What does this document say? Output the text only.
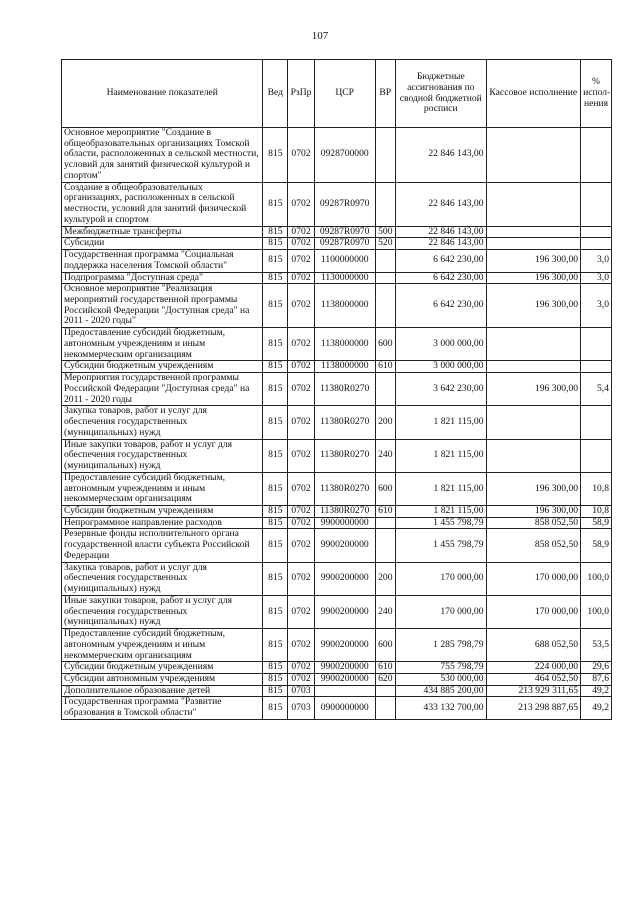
107
Наименование показателей	Вед	РзПр	ЦСР	ВР	Бюджетные ассигнования по сводной бюджетной росписи	Кассовое исполнение	% испол-нения
Основное мероприятие "Создание в общеобразовательных организациях Томской области, расположенных в сельской местности, условий для занятий физической культурой и спортом"	815	0702	0928700000		22 846 143,00		
Создание в общеобразовательных организациях, расположенных в сельской местности, условий для занятий физической культурой и спортом	815	0702	09287R0970		22 846 143,00		
Межбюджетные трансферты	815	0702	09287R0970	500	22 846 143,00		
Субсидии	815	0702	09287R0970	520	22 846 143,00		
Государственная программа "Социальная поддержка населения Томской области"	815	0702	1100000000		6 642 230,00	196 300,00	3,0
Подпрограмма "Доступная среда"	815	0702	1130000000		6 642 230,00	196 300,00	3,0
Основное мероприятие "Реализация мероприятий государственной программы Российской Федерации "Доступная среда" на 2011 - 2020 годы"	815	0702	1138000000		6 642 230,00	196 300,00	3,0
Предоставление субсидий бюджетным, автономным учреждениям и иным некоммерческим организациям	815	0702	1138000000	600	3 000 000,00		
Субсидии бюджетным учреждениям	815	0702	1138000000	610	3 000 000,00		
Мероприятия государственной программы Российской Федерации "Доступная среда" на 2011 - 2020 годы	815	0702	11380R0270		3 642 230,00	196 300,00	5,4
Закупка товаров, работ и услуг для обеспечения государственных (муниципальных) нужд	815	0702	11380R0270	200	1 821 115,00		
Иные закупки товаров, работ и услуг для обеспечения государственных (муниципальных) нужд	815	0702	11380R0270	240	1 821 115,00		
Предоставление субсидий бюджетным, автономным учреждениям и иным некоммерческим организациям	815	0702	11380R0270	600	1 821 115,00	196 300,00	10,8
Субсидии бюджетным учреждениям	815	0702	11380R0270	610	1 821 115,00	196 300,00	10,8
Непрограммное направление расходов	815	0702	9900000000		1 455 798,79	858 052,50	58,9
Резервные фонды исполнительного органа государственной власти субъекта Российской Федерации	815	0702	9900200000		1 455 798,79	858 052,50	58,9
Закупка товаров, работ и услуг для обеспечения государственных (муниципальных) нужд	815	0702	9900200000	200	170 000,00	170 000,00	100,0
Иные закупки товаров, работ и услуг для обеспечения государственных (муниципальных) нужд	815	0702	9900200000	240	170 000,00	170 000,00	100,0
Предоставление субсидий бюджетным, автономным учреждениям и иным некоммерческим организациям	815	0702	9900200000	600	1 285 798,79	688 052,50	53,5
Субсидии бюджетным учреждениям	815	0702	9900200000	610	755 798,79	224 000,00	29,6
Субсидии автономным учреждениям	815	0702	9900200000	620	530 000,00	464 052,50	87,6
Дополнительное образование детей	815	0703			434 885 200,00	213 929 311,65	49,2
Государственная программа "Развитие образования в Томской области"	815	0703	0900000000		433 132 700,00	213 298 887,65	49,2
